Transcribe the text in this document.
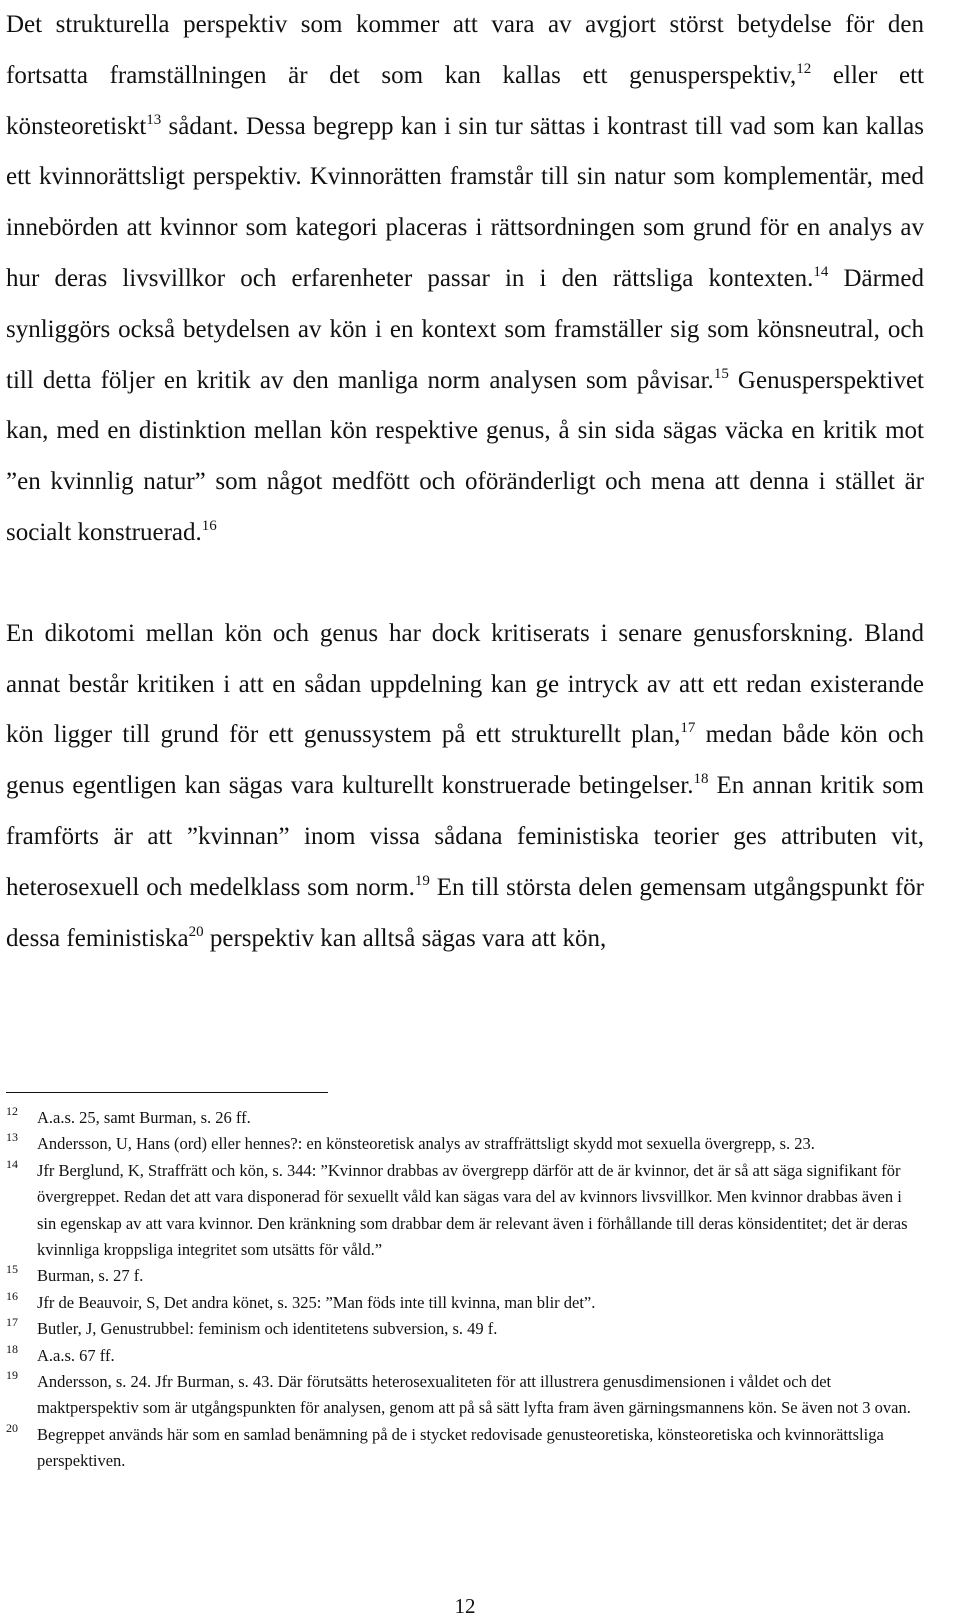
Det strukturella perspektiv som kommer att vara av avgjort störst betydelse för den fortsatta framställningen är det som kan kallas ett genusperspektiv,$^{12}$ eller ett könsteoretiskt$^{13}$ sådant. Dessa begrepp kan i sin tur sättas i kontrast till vad som kan kallas ett kvinnorättsligt perspektiv. Kvinnorätten framstår till sin natur som komplementär, med innebörden att kvinnor som kategori placeras i rättsordningen som grund för en analys av hur deras livsvillkor och erfarenheter passar in i den rättsliga kontexten.$^{14}$ Därmed synliggörs också betydelsen av kön i en kontext som framställer sig som könsneutral, och till detta följer en kritik av den manliga norm analysen som påvisar.$^{15}$ Genusperspektivet kan, med en distinktion mellan kön respektive genus, å sin sida sägas väcka en kritik mot ”en kvinnlig natur” som något medfött och oföränderligt och mena att denna i stället är socialt konstruerad.$^{16}$

En dikotomi mellan kön och genus har dock kritiserats i senare genusforskning. Bland annat består kritiken i att en sådan uppdelning kan ge intryck av att ett redan existerande kön ligger till grund för ett genussystem på ett strukturellt plan,$^{17}$ medan både kön och genus egentligen kan sägas vara kulturellt konstruerade betingelser.$^{18}$ En annan kritik som framförts är att ”kvinnan” inom vissa sådana feministiska teorier ges attributen vit, heterosexuell och medelklass som norm.$^{19}$ En till största delen gemensam utgångspunkt för dessa feministiska$^{20}$ perspektiv kan alltså sägas vara att kön,

12 A.a.s. 25, samt Burman, s. 26 ff.
13 Andersson, U, Hans (ord) eller hennes?: en könsteoretisk analys av straffrättsligt skydd mot sexuella övergrepp, s. 23.
14 Jfr Berglund, K, Straffrätt och kön, s. 344: ”Kvinnor drabbas av övergrepp därför att de är kvinnor, det är så att säga signifikant för övergreppet. Redan det att vara disponerad för sexuellt våld kan sägas vara del av kvinnors livsvillkor. Men kvinnor drabbas även i sin egenskap av att vara kvinnor. Den kränkning som drabbar dem är relevant även i förhållande till deras könsidentitet; det är deras kvinnliga kroppsliga integritet som utsätts för våld.”
15 Burman, s. 27 f.
16 Jfr de Beauvoir, S, Det andra könet, s. 325: ”Man föds inte till kvinna, man blir det”.
17 Butler, J, Genustrubbel: feminism och identitetens subversion, s. 49 f.
18 A.a.s. 67 ff.
19 Andersson, s. 24. Jfr Burman, s. 43. Där förutsätts heterosexualiteten för att illustrera genusdimensionen i våldet och det maktperspektiv som är utgångspunkten för analysen, genom att på så sätt lyfta fram även gärningsmannens kön. Se även not 3 ovan.
20 Begreppet används här som en samlad benämning på de i stycket redovisade genusteoretiska, könsteoretiska och kvinnorättsliga perspektiven.
12
